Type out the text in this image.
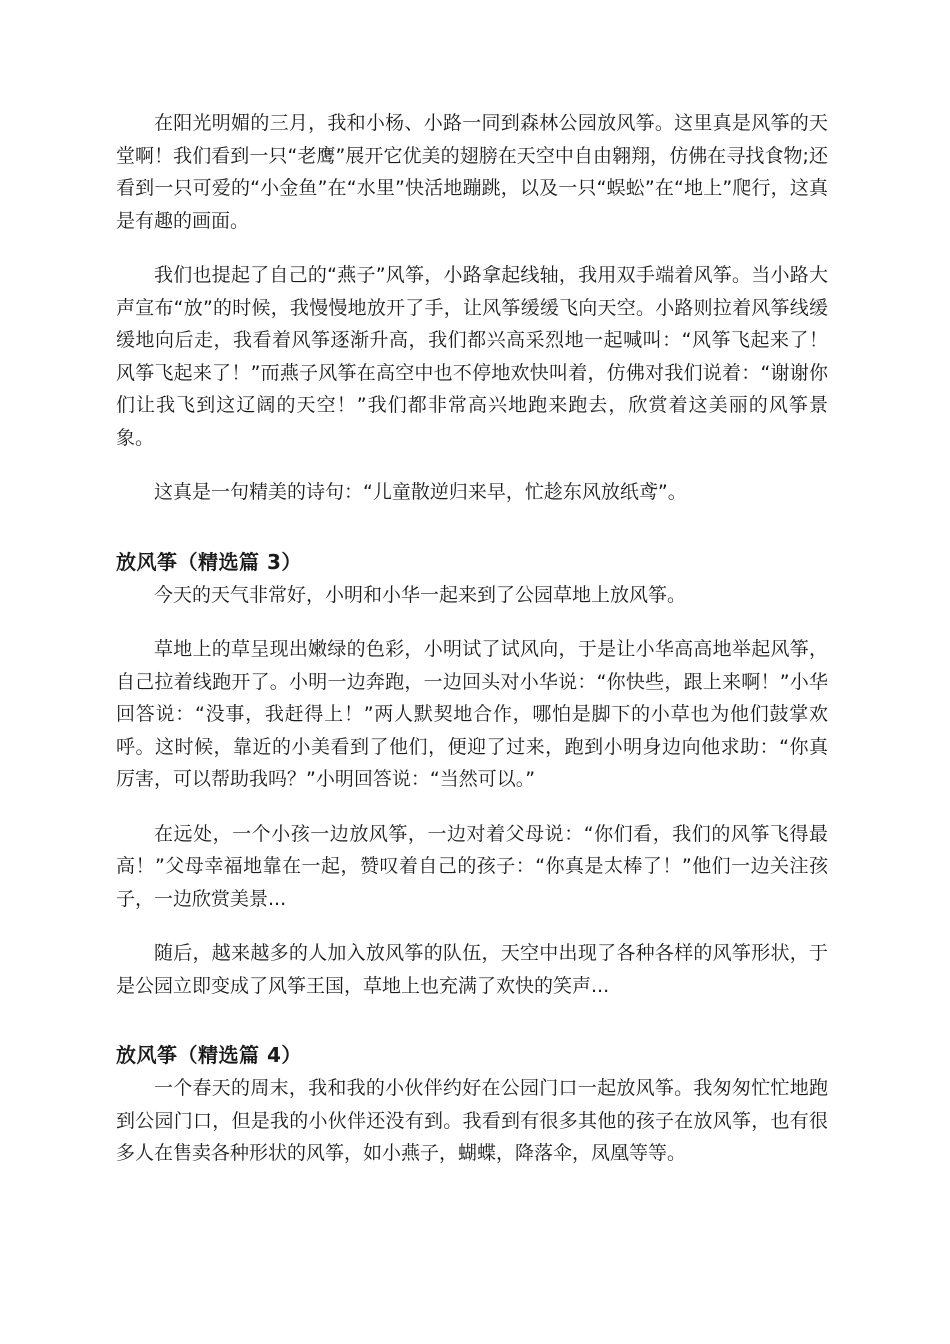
在阳光明媚的三月，我和小杨、小路一同到森林公园放风筝。这里真是风筝的天堂啊！我们看到一只“老鹰”展开它优美的翅膀在天空中自由翱翔，仿佛在寻找食物;还看到一只可爱的“小金鱼”在“水里”快活地蹦跳，以及一只“蜈蚣”在“地上”爬行，这真是有趣的画面。

我们也提起了自己的“燕子”风筝，小路拿起线轴，我用双手端着风筝。当小路大声宣布“放”的时候，我慢慢地放开了手，让风筝缓缓飞向天空。小路则拉着风筝线缓缓地向后走，我看着风筝逐渐升高，我们都兴高采烈地一起喊叫：“风筝飞起来了！风筝飞起来了！”而燕子风筝在高空中也不停地欢快叫着，仿佛对我们说着：“谢谢你们让我飞到这辽阔的天空！”我们都非常高兴地跑来跑去，欣赏着这美丽的风筝景象。

这真是一句精美的诗句：“儿童散逆归来早，忙趁东风放纸鸢”。

放风筝（精选篇 3）

今天的天气非常好，小明和小华一起来到了公园草地上放风筝。

草地上的草呈现出嫩绿的色彩，小明试了试风向，于是让小华高高地举起风筝，自己拉着线跑开了。小明一边奔跑，一边回头对小华说：“你快些，跟上来啊！”小华回答说：“没事，我赶得上！”两人默契地合作，哪怕是脚下的小草也为他们鼓掌欢呼。这时候，靠近的小美看到了他们，便迎了过来，跑到小明身边向他求助：“你真厉害，可以帮助我吗？”小明回答说：“当然可以。”

在远处，一个小孩一边放风筝，一边对着父母说：“你们看，我们的风筝飞得最高！”父母幸福地靠在一起，赞叹着自己的孩子：“你真是太棒了！”他们一边关注孩子，一边欣赏美景...

随后，越来越多的人加入放风筝的队伍，天空中出现了各种各样的风筝形状，于是公园立即变成了风筝王国，草地上也充满了欢快的笑声...

放风筝（精选篇 4）

一个春天的周末，我和我的小伙伴约好在公园门口一起放风筝。我匆匆忙忙地跑到公园门口，但是我的小伙伴还没有到。我看到有很多其他的孩子在放风筝，也有很多人在售卖各种形状的风筝，如小燕子，蝴蝶，降落伞，凤凰等等。
